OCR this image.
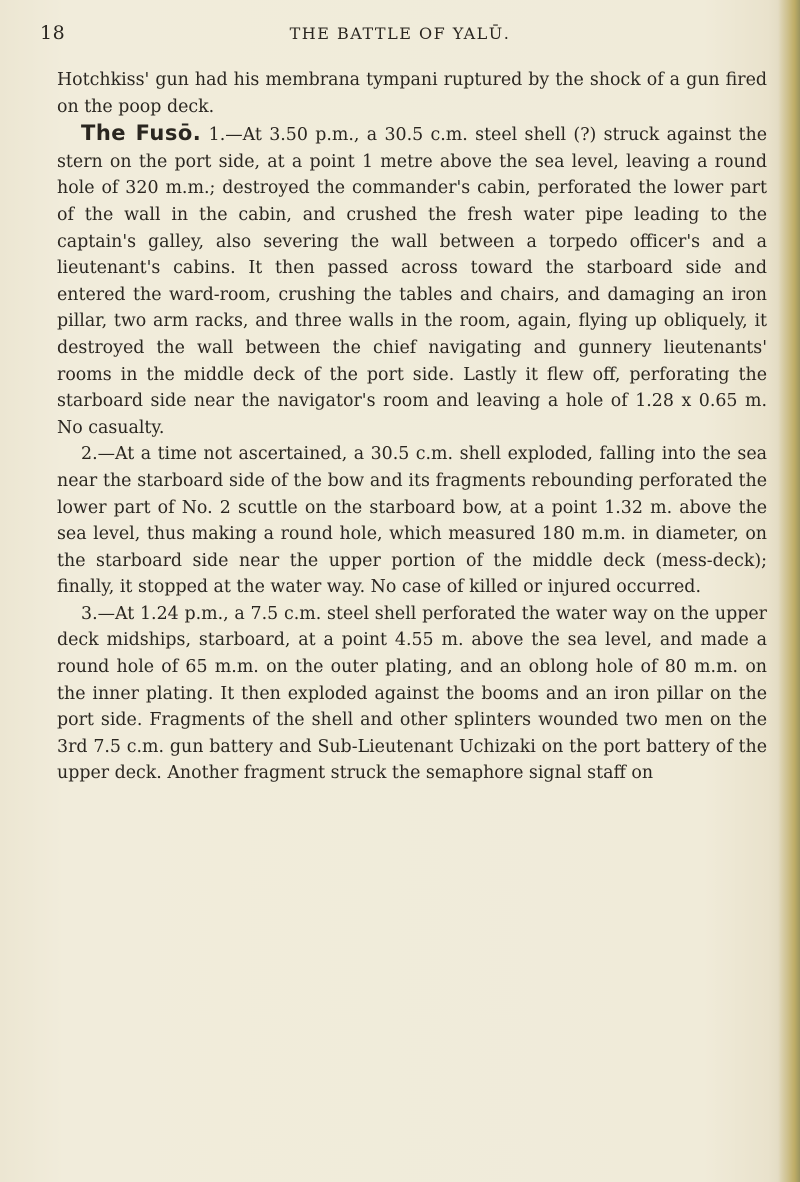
18	THE BATTLE OF YALŪ.

Hotchkiss' gun had his membrana tympani ruptured by the shock of a gun fired on the poop deck.

The Fusō. 1.—At 3.50 p.m., a 30.5 c.m. steel shell (?) struck against the stern on the port side, at a point 1 metre above the sea level, leaving a round hole of 320 m.m.; destroyed the commander's cabin, perforated the lower part of the wall in the cabin, and crushed the fresh water pipe leading to the captain's galley, also severing the wall between a torpedo officer's and a lieutenant's cabins. It then passed across toward the starboard side and entered the ward-room, crushing the tables and chairs, and damaging an iron pillar, two arm racks, and three walls in the room, again, flying up obliquely, it destroyed the wall between the chief navigating and gunnery lieutenants' rooms in the middle deck of the port side. Lastly it flew off, perforating the starboard side near the navigator's room and leaving a hole of 1.28 x 0.65 m. No casualty.

2.—At a time not ascertained, a 30.5 c.m. shell exploded, falling into the sea near the starboard side of the bow and its fragments rebounding perforated the lower part of No. 2 scuttle on the starboard bow, at a point 1.32 m. above the sea level, thus making a round hole, which measured 180 m.m. in diameter, on the starboard side near the upper portion of the middle deck (mess-deck); finally, it stopped at the water way. No case of killed or injured occurred.

3.—At 1.24 p.m., a 7.5 c.m. steel shell perforated the water way on the upper deck midships, starboard, at a point 4.55 m. above the sea level, and made a round hole of 65 m.m. on the outer plating, and an oblong hole of 80 m.m. on the inner plating. It then exploded against the booms and an iron pillar on the port side. Fragments of the shell and other splinters wounded two men on the 3rd 7.5 c.m. gun battery and Sub-Lieutenant Uchizaki on the port battery of the upper deck. Another fragment struck the semaphore signal staff on
